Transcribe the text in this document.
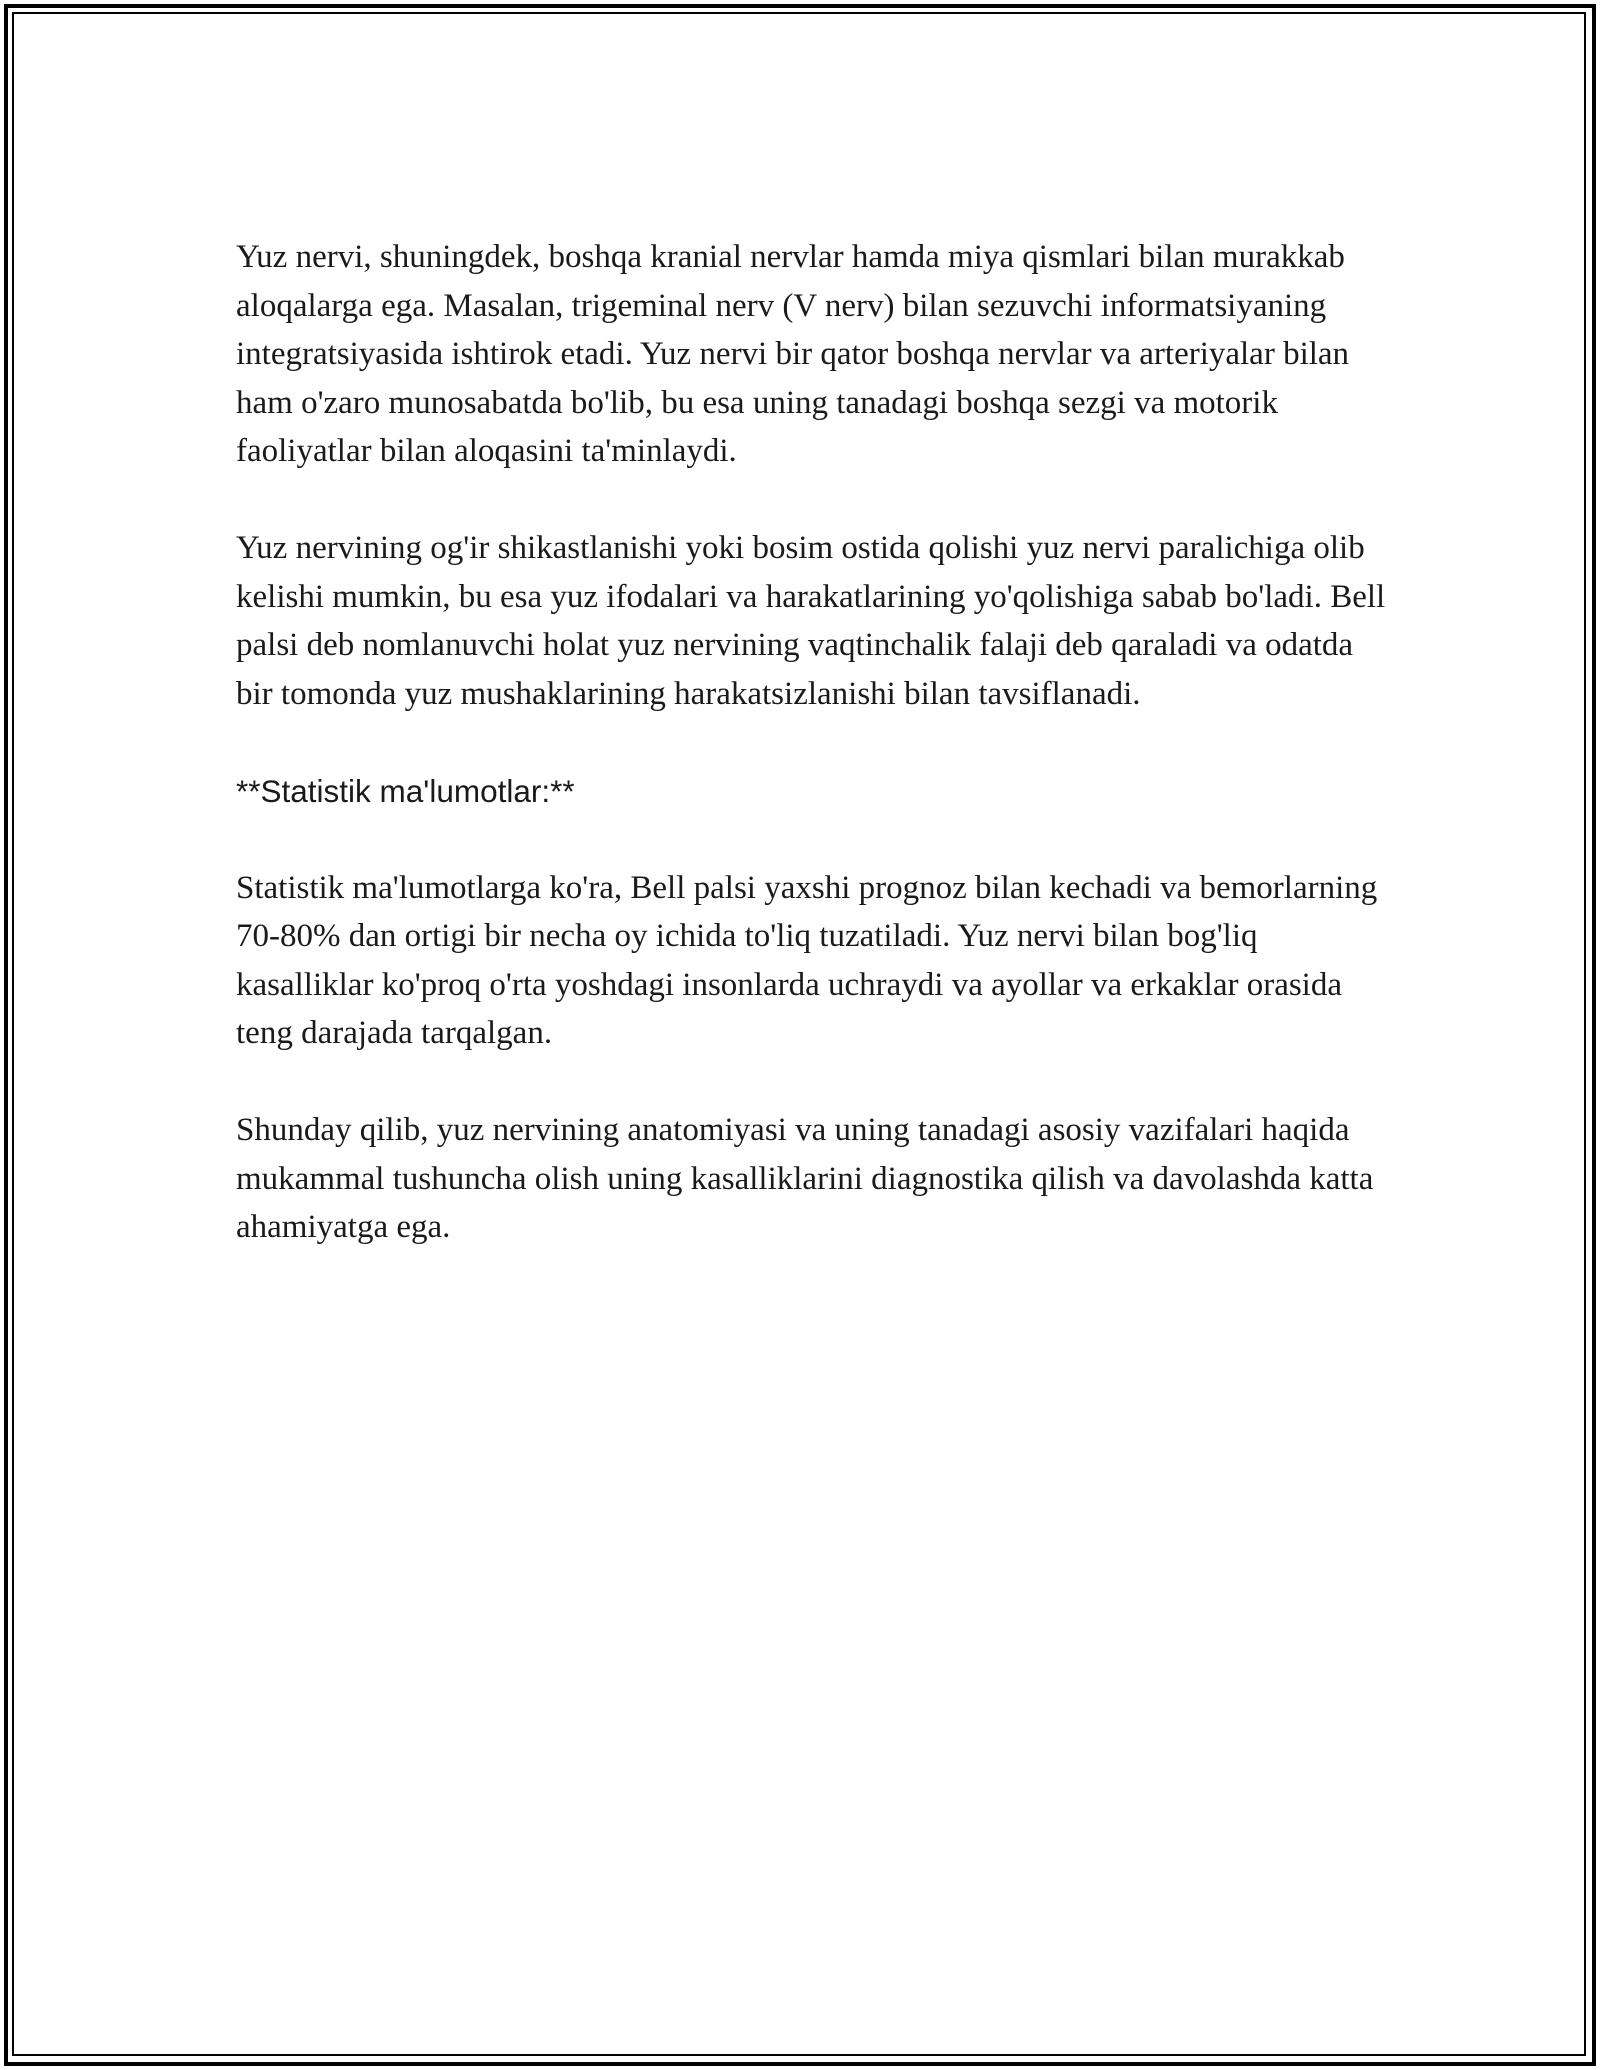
Yuz nervi, shuningdek, boshqa kranial nervlar hamda miya qismlari bilan murakkab aloqalarga ega. Masalan, trigeminal nerv (V nerv) bilan sezuvchi informatsiyaning integratsiyasida ishtirok etadi. Yuz nervi bir qator boshqa nervlar va arteriyalar bilan ham o'zaro munosabatda bo'lib, bu esa uning tanadagi boshqa sezgi va motorik faoliyatlar bilan aloqasini ta'minlaydi.

Yuz nervining og'ir shikastlanishi yoki bosim ostida qolishi yuz nervi paralichiga olib kelishi mumkin, bu esa yuz ifodalari va harakatlarining yo'qolishiga sabab bo'ladi. Bell palsi deb nomlanuvchi holat yuz nervining vaqtinchalik falaji deb qaraladi va odatda bir tomonda yuz mushaklarining harakatsizlanishi bilan tavsiflanadi.

**Statistik ma'lumotlar:**

Statistik ma'lumotlarga ko'ra, Bell palsi yaxshi prognoz bilan kechadi va bemorlarning 70-80% dan ortigi bir necha oy ichida to'liq tuzatiladi. Yuz nervi bilan bog'liq kasalliklar ko'proq o'rta yoshdagi insonlarda uchraydi va ayollar va erkaklar orasida teng darajada tarqalgan.

Shunday qilib, yuz nervining anatomiyasi va uning tanadagi asosiy vazifalari haqida mukammal tushuncha olish uning kasalliklarini diagnostika qilish va davolashda katta ahamiyatga ega.
